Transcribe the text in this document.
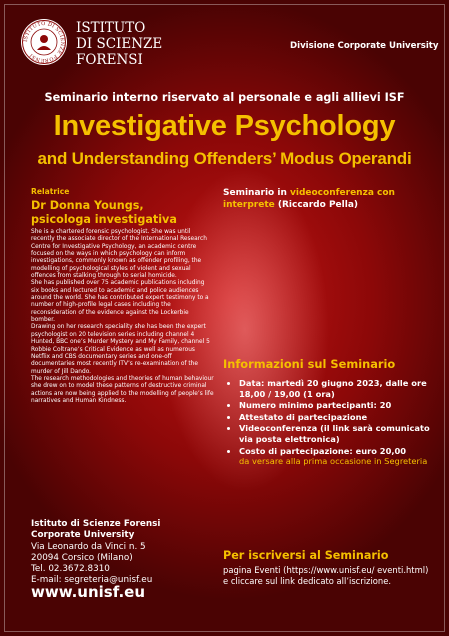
ISTITUTO DI SCIENZE FORENSI
ISTITUTO
DI SCIENZE
FORENSI
Divisione Corporate University
Seminario interno riservato al personale e agli allievi ISF
Investigative Psychology
and Understanding Offenders’ Modus Operandi
Relatrice
Dr Donna Youngs,
psicologa investigativa

She is a chartered forensic psychologist. She was until recently the associate director of the International Research Centre for Investigative Psychology, an academic centre focused on the ways in which psychology can inform investigations, commonly known as offender profiling, the modelling of psychological styles of violent and sexual offences from stalking through to serial homicide.

She has published over 75 academic publications including six books and lectured to academic and police audiences around the world. She has contributed expert testimony to a number of high-profile legal cases including the reconsideration of the evidence against the Lockerbie bomber.

Drawing on her research speciality she has been the expert psychologist on 20 television series including channel 4 Hunted, BBC one’s Murder Mystery and My Family, channel 5 Robbie Coltrane’s Critical Evidence as well as numerous Netflix and CBS documentary series and one-off documentaries most recently ITV’s re-examination of the murder of Jill Dando.

The research methodologies and theories of human behaviour she drew on to model these patterns of destructive criminal actions are now being applied to the modelling of people’s life narratives and Human Kindness.

Seminario in videoconferenza con
interprete (Riccardo Pella)
Informazioni sul Seminario
• Data: martedì 20 giugno 2023, dalle ore 18,00 / 19,00 (1 ora)
• Numero minimo partecipanti: 20
• Attestato di partecipazione
• Videoconferenza (il link sarà comunicato via posta elettronica)
• Costo di partecipazione: euro 20,00
da versare alla prima occasione in Segreteria
Istituto di Scienze Forensi
Corporate University
Via Leonardo da Vinci n. 5
20094 Corsico (Milano)
Tel. 02.3672.8310
E-mail: segreteria@unisf.eu
www.unisf.eu
Per iscriversi al Seminario
pagina Eventi (https://www.unisf.eu/ eventi.html) e cliccare sul link dedicato all’iscrizione.
